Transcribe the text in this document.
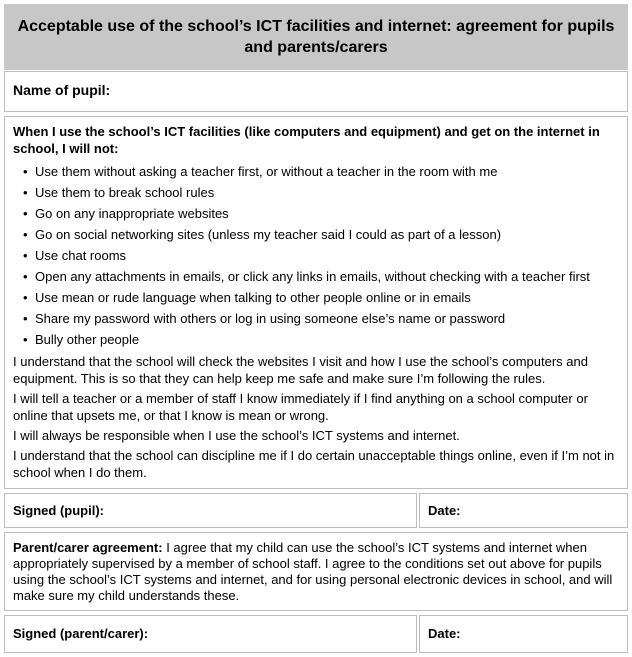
Acceptable use of the school’s ICT facilities and internet: agreement for pupils and parents/carers
Name of pupil:
When I use the school’s ICT facilities (like computers and equipment) and get on the internet in school, I will not:
• Use them without asking a teacher first, or without a teacher in the room with me
• Use them to break school rules
• Go on any inappropriate websites
• Go on social networking sites (unless my teacher said I could as part of a lesson)
• Use chat rooms
• Open any attachments in emails, or click any links in emails, without checking with a teacher first
• Use mean or rude language when talking to other people online or in emails
• Share my password with others or log in using someone else’s name or password
• Bully other people

I understand that the school will check the websites I visit and how I use the school’s computers and equipment. This is so that they can help keep me safe and make sure I’m following the rules.

I will tell a teacher or a member of staff I know immediately if I find anything on a school computer or online that upsets me, or that I know is mean or wrong.

I will always be responsible when I use the school’s ICT systems and internet.

I understand that the school can discipline me if I do certain unacceptable things online, even if I’m not in school when I do them.

Signed (pupil):	Date:
Parent/carer agreement: I agree that my child can use the school’s ICT systems and internet when appropriately supervised by a member of school staff. I agree to the conditions set out above for pupils using the school’s ICT systems and internet, and for using personal electronic devices in school, and will make sure my child understands these.
Signed (parent/carer):	Date:
